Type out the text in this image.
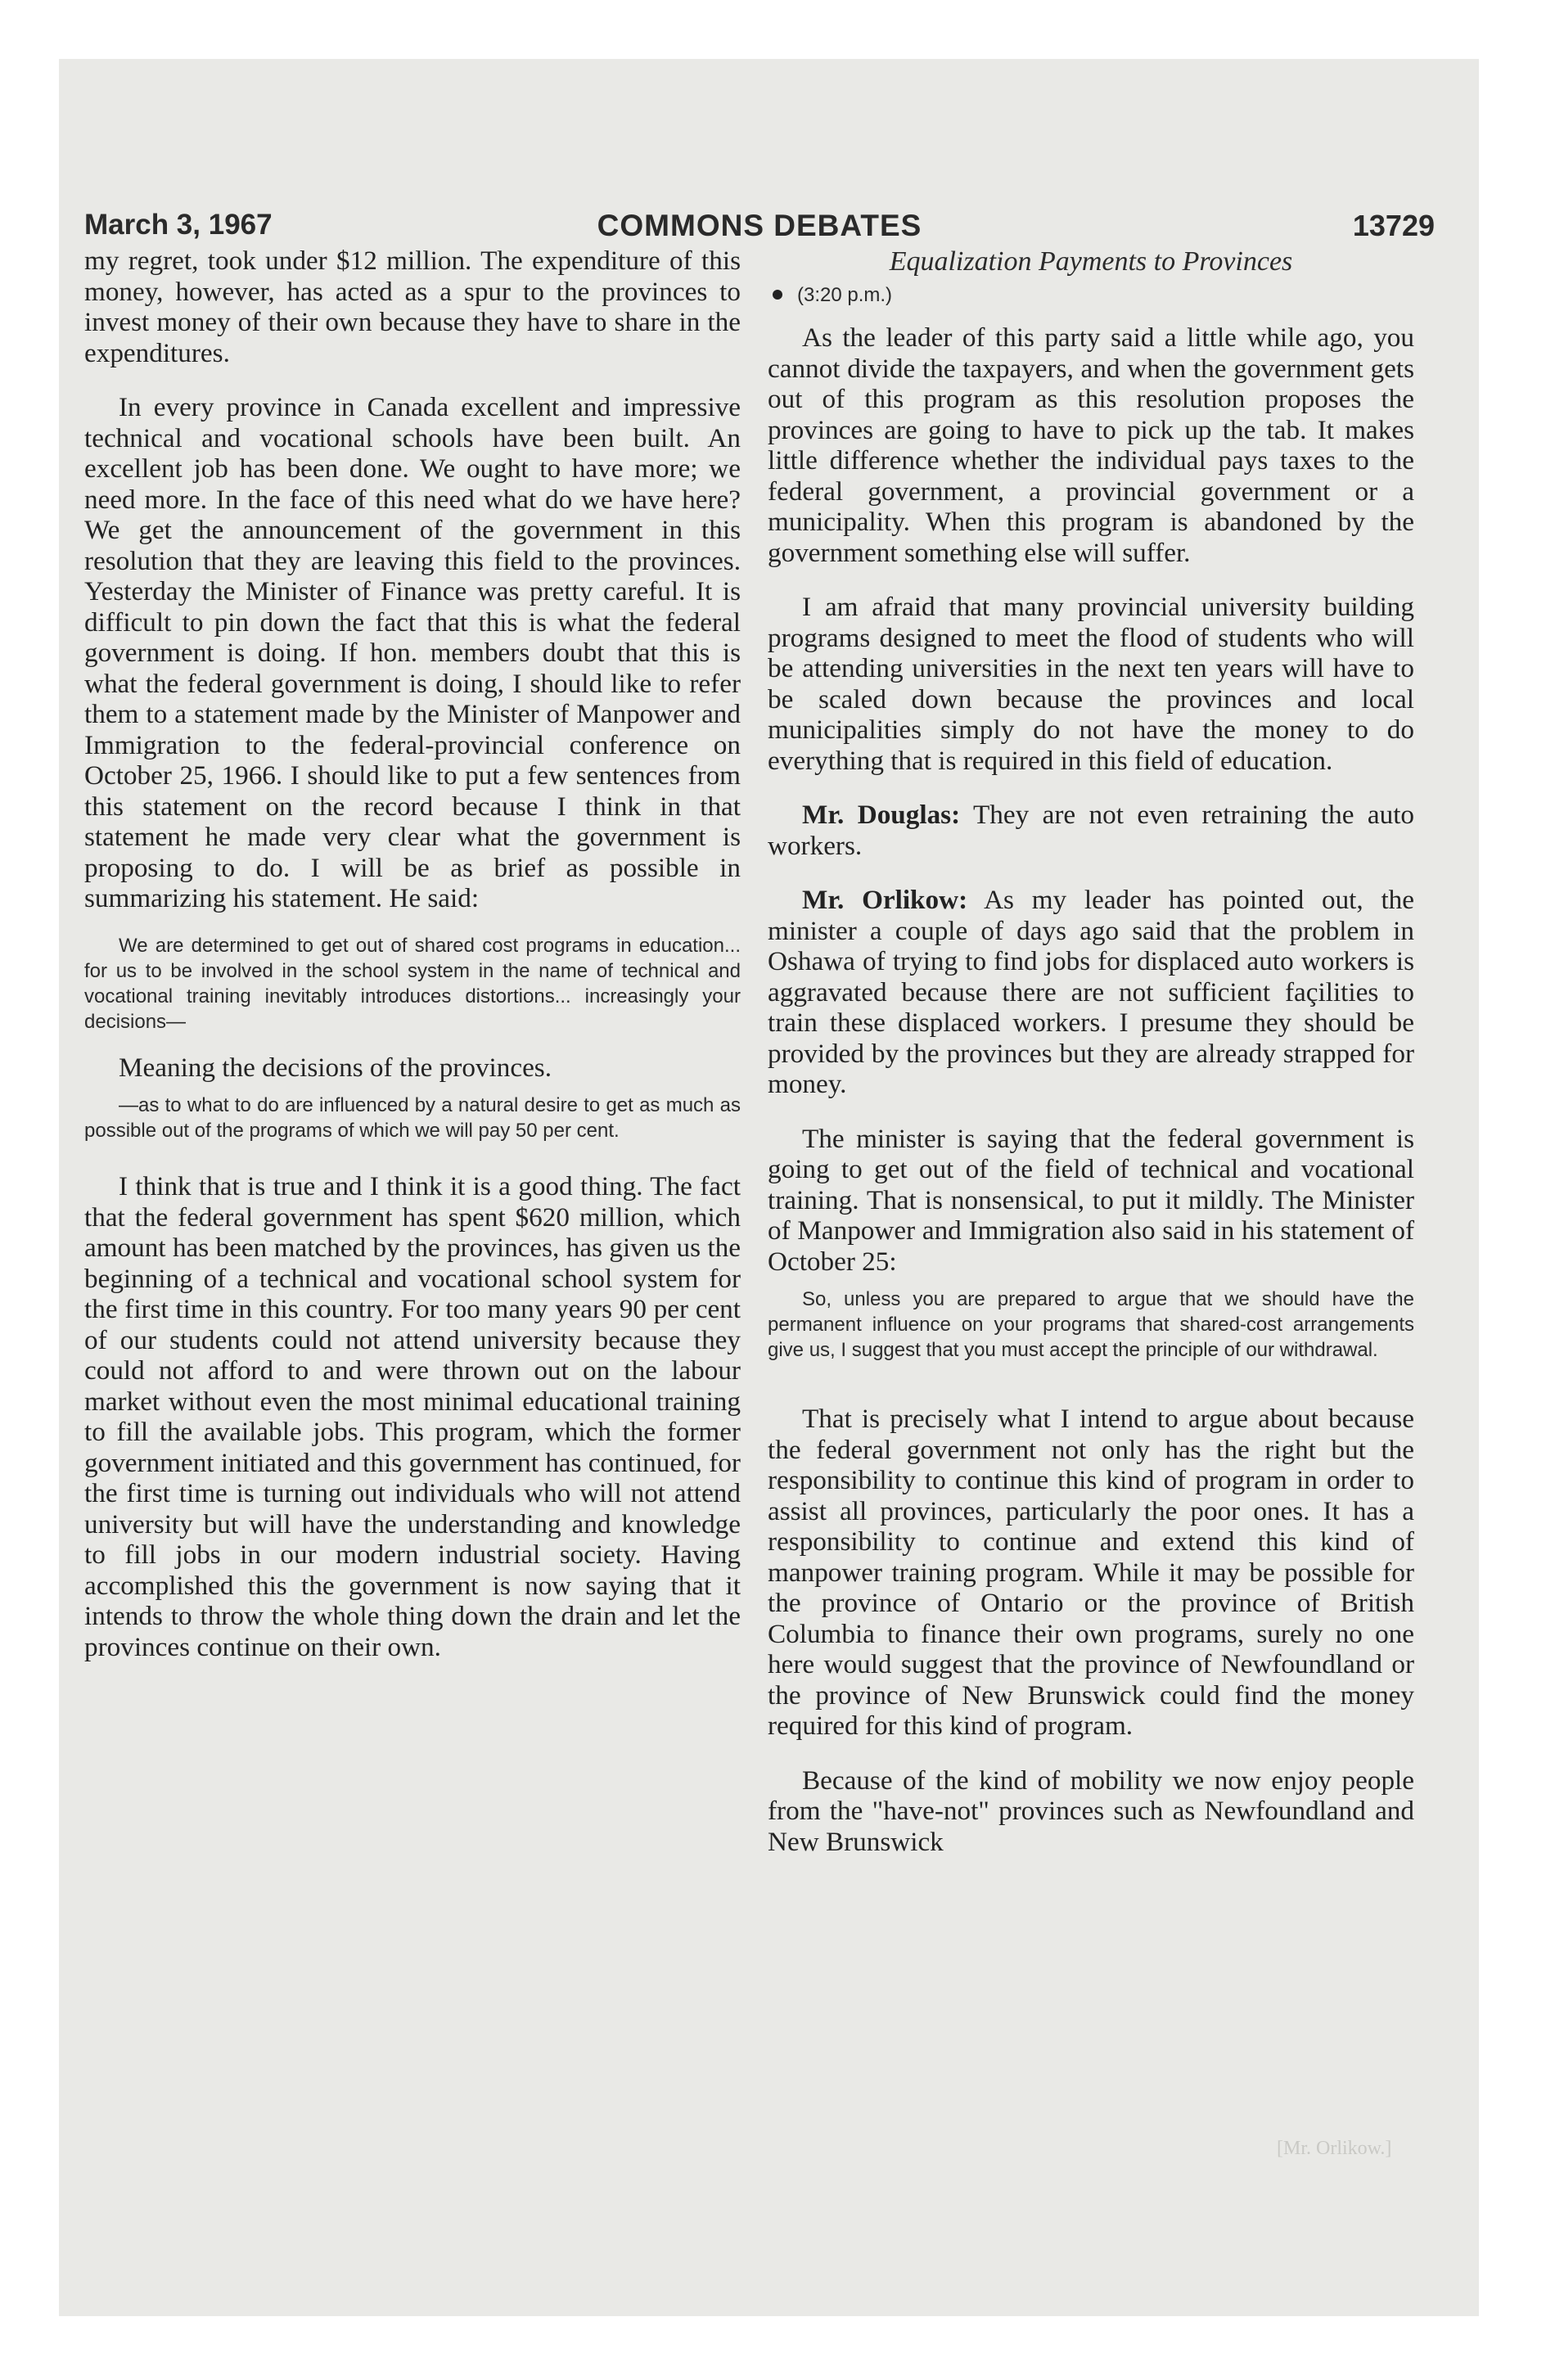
March 3, 1967	COMMONS DEBATES	13729

my regret, took under $12 million. The expenditure of this money, however, has acted as a spur to the provinces to invest money of their own because they have to share in the expenditures.

In every province in Canada excellent and impressive technical and vocational schools have been built. An excellent job has been done. We ought to have more; we need more. In the face of this need what do we have here? We get the announcement of the government in this resolution that they are leaving this field to the provinces. Yesterday the Minister of Finance was pretty careful. It is difficult to pin down the fact that this is what the federal government is doing. If hon. members doubt that this is what the federal government is doing, I should like to refer them to a statement made by the Minister of Manpower and Immigration to the federal-provincial conference on October 25, 1966. I should like to put a few sentences from this statement on the record because I think in that statement he made very clear what the government is proposing to do. I will be as brief as possible in summarizing his statement. He said:

We are determined to get out of shared cost programs in education... for us to be involved in the school system in the name of technical and vocational training inevitably introduces distortions... increasingly your decisions—

Meaning the decisions of the provinces.

—as to what to do are influenced by a natural desire to get as much as possible out of the programs of which we will pay 50 per cent.

I think that is true and I think it is a good thing. The fact that the federal government has spent $620 million, which amount has been matched by the provinces, has given us the beginning of a technical and vocational school system for the first time in this country. For too many years 90 per cent of our students could not attend university because they could not afford to and were thrown out on the labour market without even the most minimal educational training to fill the available jobs. This program, which the former government initiated and this government has continued, for the first time is turning out individuals who will not attend university but will have the understanding and knowledge to fill jobs in our modern industrial society. Having accomplished this the government is now saying that it intends to throw the whole thing down the drain and let the provinces continue on their own.

Equalization Payments to Provinces
(3:20 p.m.)

As the leader of this party said a little while ago, you cannot divide the taxpayers, and when the government gets out of this program as this resolution proposes the provinces are going to have to pick up the tab. It makes little difference whether the individual pays taxes to the federal government, a provincial government or a municipality. When this program is abandoned by the government something else will suffer.

I am afraid that many provincial university building programs designed to meet the flood of students who will be attending universities in the next ten years will have to be scaled down because the provinces and local municipalities simply do not have the money to do everything that is required in this field of education.

Mr. Douglas: They are not even retraining the auto workers.

Mr. Orlikow: As my leader has pointed out, the minister a couple of days ago said that the problem in Oshawa of trying to find jobs for displaced auto workers is aggravated because there are not sufficient façilities to train these displaced workers. I presume they should be provided by the provinces but they are already strapped for money.

The minister is saying that the federal government is going to get out of the field of technical and vocational training. That is nonsensical, to put it mildly. The Minister of Manpower and Immigration also said in his statement of October 25:

So, unless you are prepared to argue that we should have the permanent influence on your programs that shared-cost arrangements give us, I suggest that you must accept the principle of our withdrawal.

That is precisely what I intend to argue about because the federal government not only has the right but the responsibility to continue this kind of program in order to assist all provinces, particularly the poor ones. It has a responsibility to continue and extend this kind of manpower training program. While it may be possible for the province of Ontario or the province of British Columbia to finance their own programs, surely no one here would suggest that the province of Newfoundland or the province of New Brunswick could find the money required for this kind of program.

Because of the kind of mobility we now enjoy people from the "have-not" provinces such as Newfoundland and New Brunswick

[Mr. Orlikow.]
